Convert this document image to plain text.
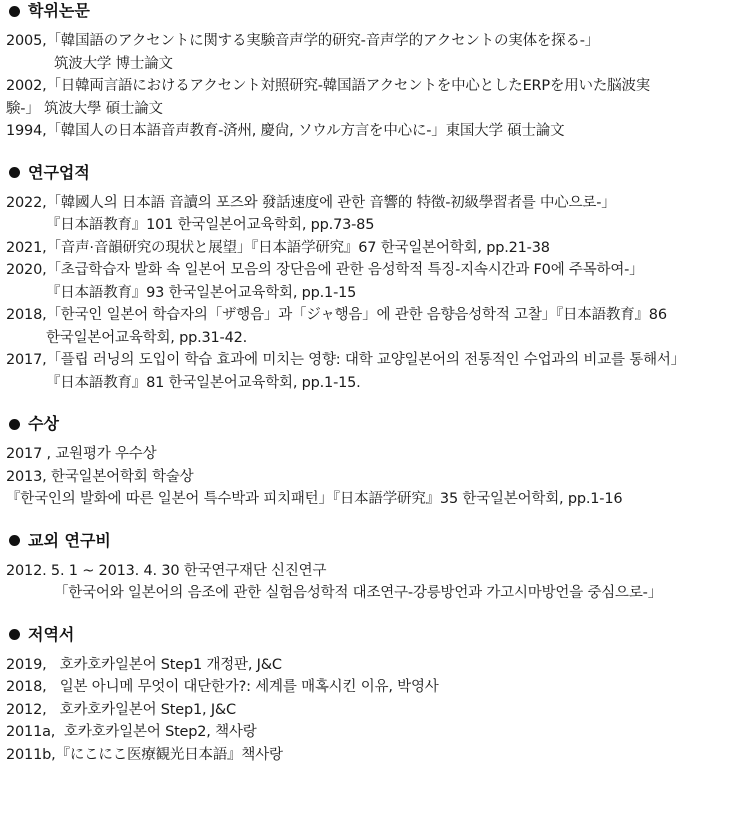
학위논문
2005,「韓国語のアクセントに関する実験音声学的研究-音声学的アクセントの実体を探る-」
筑波大学 博士論文
2002,「日韓両言語におけるアクセント対照研究-韓国語アクセントを中心としたERPを用いた脳波実
験-」 筑波大學 碩士論文
1994,「韓国人の日本語音声教育-済州, 慶尙, ソウル方言を中心に-」東国大学 碩士論文
연구업적
2022,「韓國人의 日本語 音讀의 포즈와 發話速度에 관한 音響的 特徵-初級學習者를 中心으로-」
『日本語教育』101 한국일본어교육학회, pp.73-85
2021,「音声·音韻研究の現状と展望」『日本語学研究』67 한국일본어학회, pp.21-38
2020,「초급학습자 발화 속 일본어 모음의 장단음에 관한 음성학적 특징-지속시간과 F0에 주목하여-」
『日本語教育』93 한국일본어교육학회, pp.1-15
2018,「한국인 일본어 학습자의「ザ행음」과「ジャ행음」에 관한 음향음성학적 고찰」『日本語教育』86
한국일본어교육학회, pp.31-42.
2017,「플립 러닝의 도입이 학습 효과에 미치는 영향: 대학 교양일본어의 전통적인 수업과의 비교를 통해서」
『日本語教育』81 한국일본어교육학회, pp.1-15.
수상
2017 , 교원평가 우수상
2013, 한국일본어학회 학술상
『한국인의 발화에 따른 일본어 특수박과 피치패턴」『日本語学研究』35 한국일본어학회, pp.1-16
교외 연구비
2012. 5. 1 ~ 2013. 4. 30 한국연구재단 신진연구
「한국어와 일본어의 음조에 관한 실험음성학적 대조연구-강릉방언과 가고시마방언을 중심으로-」
저역서
2019,   호카호카일본어 Step1 개정판, J&C
2018,   일본 아니메 무엇이 대단한가?: 세계를 매혹시킨 이유, 박영사
2012,   호카호카일본어 Step1, J&C
2011a,  호카호카일본어 Step2, 책사랑
2011b,『にこにこ医療観光日本語』책사랑
